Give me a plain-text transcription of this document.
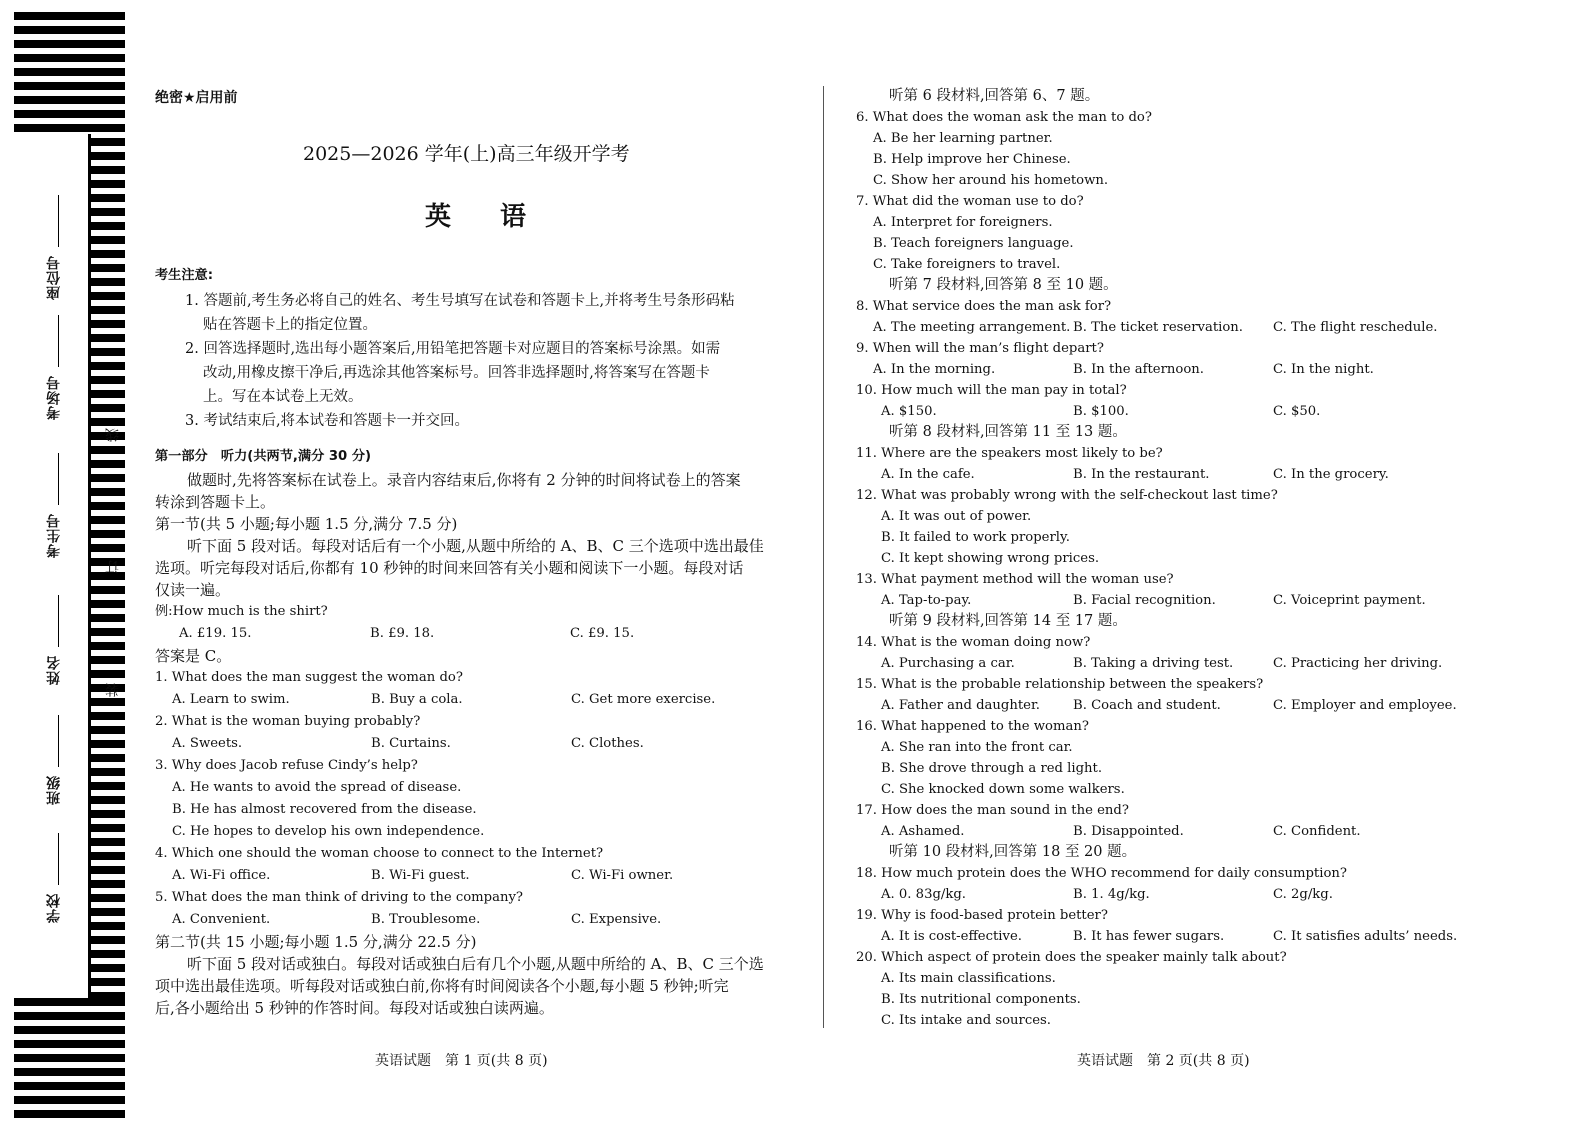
座位号
考场号
考生号
姓名
班级
学校
线
订
装
绝密★启用前
2025—2026 学年(上)高三年级开学考
英 语
考生注意:
1. 答题前,考生务必将自己的姓名、考生号填写在试卷和答题卡上,并将考生号条形码粘
贴在答题卡上的指定位置。
2. 回答选择题时,选出每小题答案后,用铅笔把答题卡对应题目的答案标号涂黑。如需
改动,用橡皮擦干净后,再选涂其他答案标号。回答非选择题时,将答案写在答题卡
上。写在本试卷上无效。
3. 考试结束后,将本试卷和答题卡一并交回。
第一部分　听力(共两节,满分 30 分)
做题时,先将答案标在试卷上。录音内容结束后,你将有 2 分钟的时间将试卷上的答案
转涂到答题卡上。
第一节(共 5 小题;每小题 1.5 分,满分 7.5 分)
听下面 5 段对话。每段对话后有一个小题,从题中所给的 A、B、C 三个选项中选出最佳
选项。听完每段对话后,你都有 10 秒钟的时间来回答有关小题和阅读下一小题。每段对话
仅读一遍。
例:How much is the shirt?
A. £19. 15.	B. £9. 18.	C. £9. 15.
答案是 C。
1. What does the man suggest the woman do?
A. Learn to swim.	B. Buy a cola.	C. Get more exercise.
2. What is the woman buying probably?
A. Sweets.	B. Curtains.	C. Clothes.
3. Why does Jacob refuse Cindy’s help?
A. He wants to avoid the spread of disease.
B. He has almost recovered from the disease.
C. He hopes to develop his own independence.
4. Which one should the woman choose to connect to the Internet?
A. Wi-Fi office.	B. Wi-Fi guest.	C. Wi-Fi owner.
5. What does the man think of driving to the company?
A. Convenient.	B. Troublesome.	C. Expensive.
第二节(共 15 小题;每小题 1.5 分,满分 22.5 分)
听下面 5 段对话或独白。每段对话或独白后有几个小题,从题中所给的 A、B、C 三个选
项中选出最佳选项。听每段对话或独白前,你将有时间阅读各个小题,每小题 5 秒钟;听完
后,各小题给出 5 秒钟的作答时间。每段对话或独白读两遍。
听第 6 段材料,回答第 6、7 题。
6. What does the woman ask the man to do?
A. Be her learning partner.
B. Help improve her Chinese.
C. Show her around his hometown.
7. What did the woman use to do?
A. Interpret for foreigners.
B. Teach foreigners language.
C. Take foreigners to travel.
听第 7 段材料,回答第 8 至 10 题。
8. What service does the man ask for?
A. The meeting arrangement. B. The ticket reservation.	C. The flight reschedule.
9. When will the man’s flight depart?
A. In the morning.	B. In the afternoon.	C. In the night.
10. How much will the man pay in total?
A. $150.	B. $100.	C. $50.
听第 8 段材料,回答第 11 至 13 题。
11. Where are the speakers most likely to be?
A. In the cafe.	B. In the restaurant.	C. In the grocery.
12. What was probably wrong with the self-checkout last time?
A. It was out of power.
B. It failed to work properly.
C. It kept showing wrong prices.
13. What payment method will the woman use?
A. Tap-to-pay.	B. Facial recognition.	C. Voiceprint payment.
听第 9 段材料,回答第 14 至 17 题。
14. What is the woman doing now?
A. Purchasing a car.	B. Taking a driving test.	C. Practicing her driving.
15. What is the probable relationship between the speakers?
A. Father and daughter.	B. Coach and student.	C. Employer and employee.
16. What happened to the woman?
A. She ran into the front car.
B. She drove through a red light.
C. She knocked down some walkers.
17. How does the man sound in the end?
A. Ashamed.	B. Disappointed.	C. Confident.
听第 10 段材料,回答第 18 至 20 题。
18. How much protein does the WHO recommend for daily consumption?
A. 0. 83g/kg.	B. 1. 4g/kg.	C. 2g/kg.
19. Why is food-based protein better?
A. It is cost-effective.	B. It has fewer sugars.	C. It satisfies adults’ needs.
20. Which aspect of protein does the speaker mainly talk about?
A. Its main classifications.
B. Its nutritional components.
C. Its intake and sources.
英语试题　第 1 页(共 8 页)	英语试题　第 2 页(共 8 页)
